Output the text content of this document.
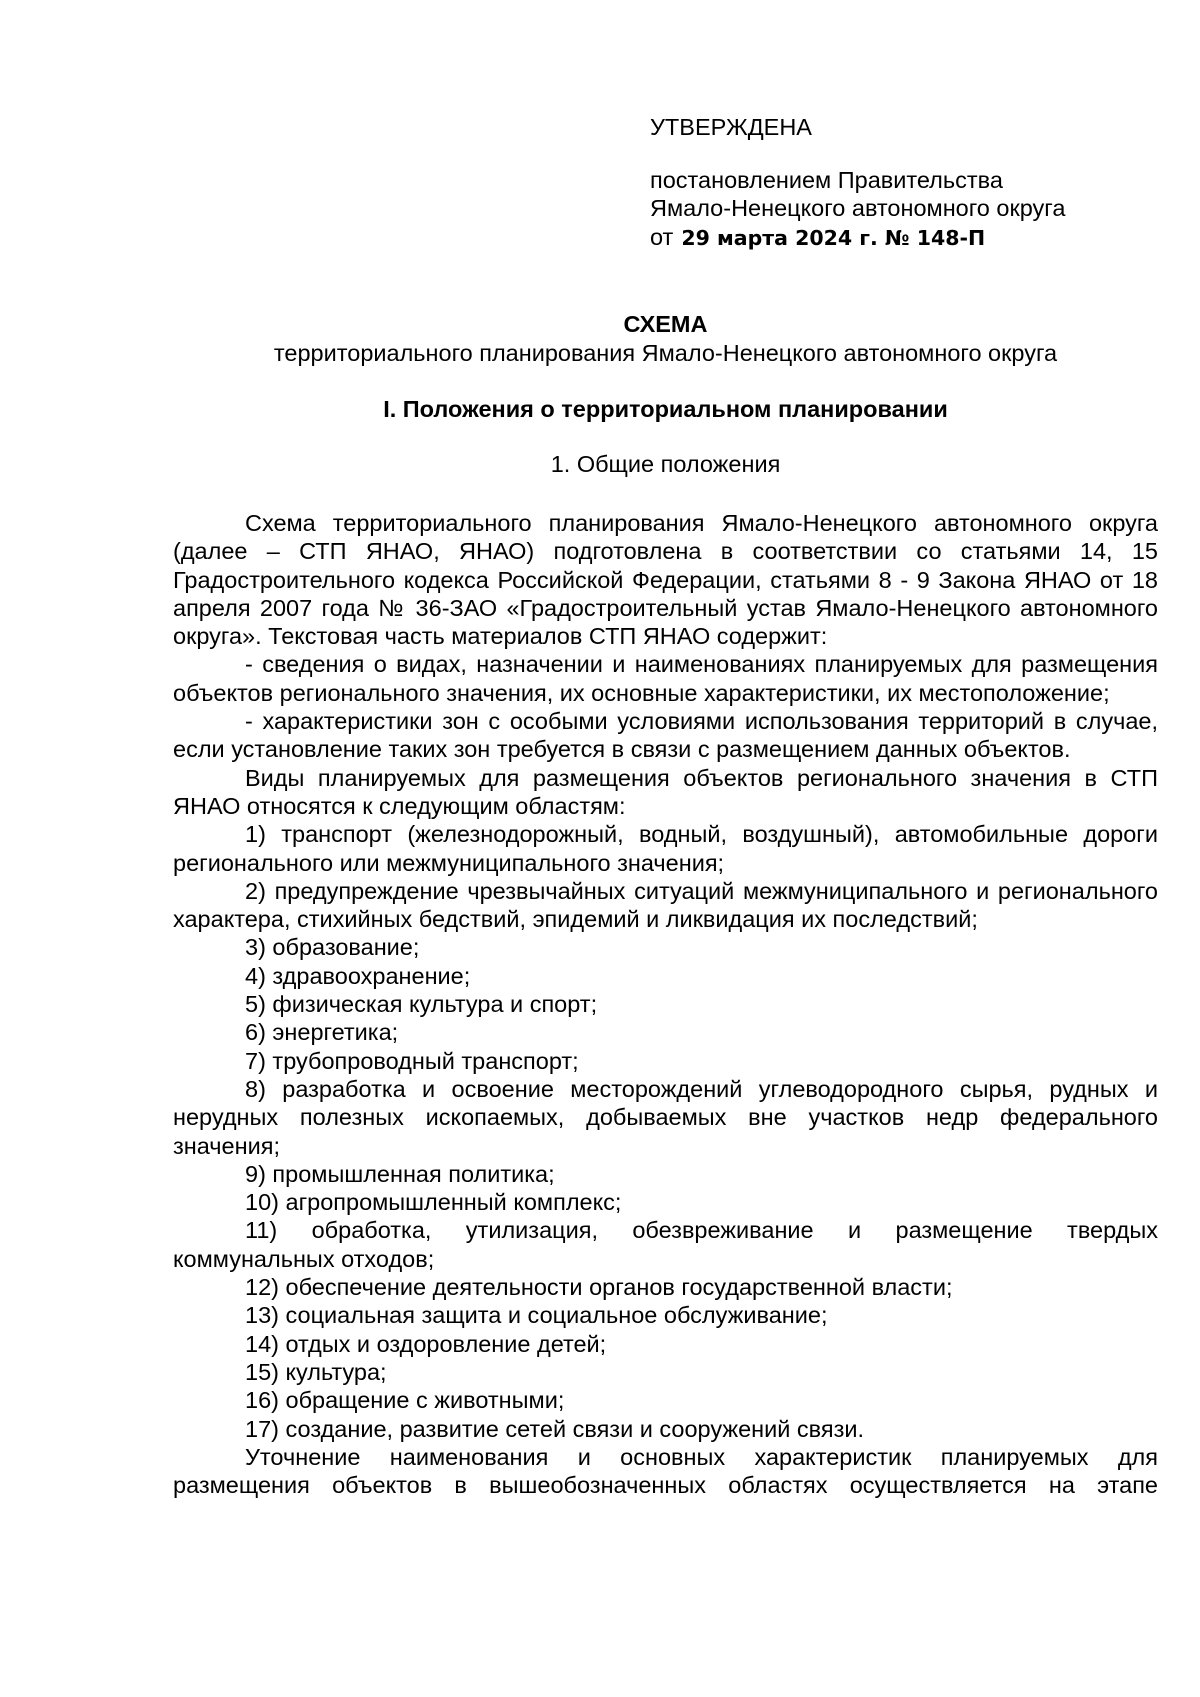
УТВЕРЖДЕНА
постановлением Правительства
Ямало-Ненецкого автономного округа
от 29 марта 2024 г. № 148-П
СХЕМА
территориального планирования Ямало-Ненецкого автономного округа
I. Положения о территориальном планировании
1. Общие положения

Схема территориального планирования Ямало-Ненецкого автономного округа (далее – СТП ЯНАО, ЯНАО) подготовлена в соответствии со статьями 14, 15 Градостроительного кодекса Российской Федерации, статьями 8 - 9 Закона ЯНАО от 18 апреля 2007 года № 36-ЗАО «Градостроительный устав Ямало-Ненецкого автономного округа». Текстовая часть материалов СТП ЯНАО содержит:

- сведения о видах, назначении и наименованиях планируемых для размещения объектов регионального значения, их основные характеристики, их местоположение;

- характеристики зон с особыми условиями использования территорий в случае, если установление таких зон требуется в связи с размещением данных объектов.

Виды планируемых для размещения объектов регионального значения в СТП ЯНАО относятся к следующим областям:

1) транспорт (железнодорожный, водный, воздушный), автомобильные дороги регионального или межмуниципального значения;

2) предупреждение чрезвычайных ситуаций межмуниципального и регионального характера, стихийных бедствий, эпидемий и ликвидация их последствий;

3) образование;

4) здравоохранение;

5) физическая культура и спорт;

6) энергетика;

7) трубопроводный транспорт;

8) разработка и освоение месторождений углеводородного сырья, рудных и нерудных полезных ископаемых, добываемых вне участков недр федерального значения;

9) промышленная политика;

10) агропромышленный комплекс;

11) обработка, утилизация, обезвреживание и размещение твердых коммунальных отходов;

12) обеспечение деятельности органов государственной власти;

13) социальная защита и социальное обслуживание;

14) отдых и оздоровление детей;

15) культура;

16) обращение с животными;

17) создание, развитие сетей связи и сооружений связи.

Уточнение наименования и основных характеристик планируемых для размещения объектов в вышеобозначенных областях осуществляется на этапе
